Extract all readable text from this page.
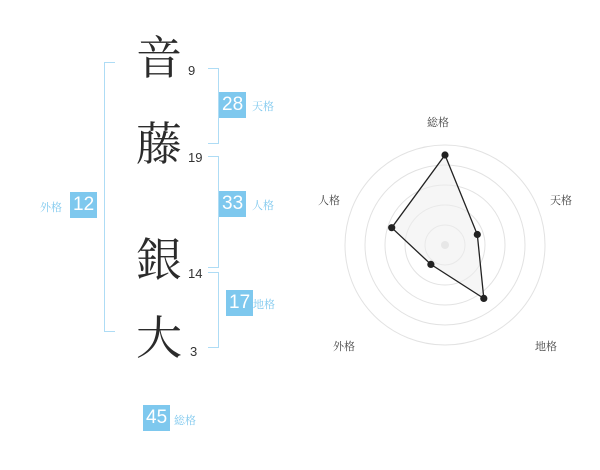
音 9
藤 19
銀 14
大 3
28 天格
33 人格
17 地格
外格 12
45 総格
総格
天格
地格
外格
人格
